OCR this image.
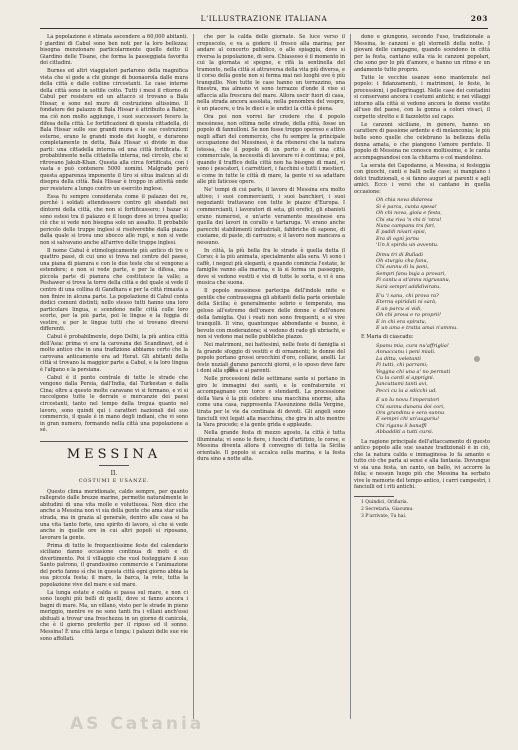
L'ILLUSTRAZIONE ITALIANA	203

La popolazione è stimata ascendere a 60,000 abitanti. I giardini di Cabul sono ben noti per la loro bellezza; bisogna menzionare particolarmente quello detto il Giardino delle Tisane, che forma la passeggiata favorita dei cittadini.

Burnes ed altri viaggiatori parlarono della magnifica vista che si gode a chi giunge di buonaorola dalle mura della città e dalle colline circostanti. Le case interne della città sono in sottile cotto. Tutti i mesi il ritorno di Cabul per resistere ed un attacco si trovano a Bala Hissar, e sono nel muro di costruzione altissimo. Il fondatore dei palazzo di Bala Hissar è attribuito a Baber, ma ciò non molto aggiunge, i suoi successori fecero la difesa della città. Le fortificazioni di questa cittadella, di Bala Hissar sulle sue grandi mura e le sue costruzioni esterne, erano le grandi mode dei luoghi, e durarono completamente in detta, Bala Hissar si divide in due parti: una cittadella interna ed una città fortificata. È probabilmente nella cittadella interna, nel circolo, che si ritrovano Jakub-Khan. Questa alla circa fortificata, con i vasta e può contenere 5000 uomini. Malgrado però questa apparenza imponente il tiro si situa inalcun al di disopra della città. Bala Hissar è troppo in attività onde per resistere a lungo contro un esercito inglese.

Essa fu sempre considerata come il palazzo dei re, perché i soldati attendessero contro gli sbandati nei dintorni della città, che non si fortificassero; i bazar si sono estesi tra il palazzo e il luogo dove si trova quello; ciò che si vede non bisogna solo un assalto. Il probabile pericolo delle truppe inglesi si risolverebbe dalla piazza dalla quale si trova uno sbocco alle rupi, e non si vede non si salvavano anche all'arrivo delle truppe inglesi.

Il nome Cabul è etimologicamente più antico di tre o quattro passi, di cui uno si trova nel centro del paese, una piana di pianura e con le due teste che si vengono a estendere; e non si vede parte, e per la difesa, una piccola parte di pianura che costituisce la valle; a Peshawer si trova la torre della città e del quale si vede il centro di una collina di Gandhara e per la città rimasta a non finire in alcuna parte. La popolazione di Cabul conta dodici comuni distinti; nello stesso tutti hanno una loro particolare lingua, e scendono nelle città colle loro scorte, per la più parte, poi le lingue e la foggia di vestire, e per le lingue tutti che si trovano diversi differenti.

Cabul è probabilmente, dopo Delhi, la più antica città dell'Asia: prima vi era la carovana dei Scandinavi, ed è molto antico che in una tradizione abbiamo certo che la carovana anticamente era ad Herat. Gli abitanti della città si trovano la maggior parte a Cabul, e la loro lingua è l'afgano e la persiana.

Cabul è il punto centrale di tutte le strade che vengono dalla Persia, dall'India, dal Turkestan e dalla Cina; oltre a questo molte caravane vi si fermano, e vi si raccolgono tutte le derrate e mercanzie dei paesi circostanti, tanto nel tempo della tregua quanto nel lavoro, sono quindi qui i caratteri nazionali del suo commercio, il quale è in mano degli indiani, che vi sono in gran numero, formando nella città una popolazione a sé.

MESSINA
II.
COSTUMI E USANZE.

Questo clima meridionale, caldo sempre, per quanto rallegrato dalle brezze marine, permette naturalmente le abitudini di una vita molle e voluttuosa. Non dico che anche a Messina non vi sia della gente che ama star sulla strada, ma in grazia al generale, dentro alle casa si ha una vita tanto forte, uno spirito di lavoro, sì che si vede anche in quelle ore in cui altri popoli si riposano, lavorare la gente.

Prima di tutto le frequentissime feste del calendario siciliano danno occasione continua di moti e di divertimento. Poi il villaggio che vuol festeggiare il suo Santo patrono, il grandissimo commercio e l'animazione del porto fanno sì che in questa città ogni giorno abbia la sua piccola festa; il mare, la barca, la rete, tutta la popolazione vive del mare e sul mare.

La lunga estate e calda si passa sul mare, e non ci sono luoghi più belli di quelli, dove si fanno ancora i bagni di mare. Ma, un villano, visto per le strade in pieno meriggio, mentre ve ne sono tanti fra i villani anch'essi abituati a trovar una freschezza in un giorno di canicola, che è il giorno preferito per il riposo ed il sonno. Messina! È una città larga e lunga; i palazzi delle sue vie sono affollati.

che per la calda delle giornate. Se luce verso il crepuscolo, e va a godere il fresco alla marina; per andare al concerto pubblico, o alle spiaggia, dove si riversa la popolazione, di sera. Chiassoso è il momento in cui la giornata si spegne, e rifà la sentinella del tramonto, nella città si attraversa della vita più diversa, e il corso della gente non si ferma mai nei luoghi ove è più tranquillo. Non tutte le case hanno un terrazzino, una finestra, ma almeno vi sono terrazze d'onde il viso si affaccia alla frescura del mare. Allora uscir fuori di casa, nella strada ancora assolata, nella penombra del vespro, è un piacere, e tra le dieci e le undici la città è piena.

Ora poi non vorrei far credere che il popolo messinese, non ottima nelle strade, della città, fosse un popolo di fannulloni. Se non fosse troppo operoso e attivo negli affari del commercio, che fu sempre la principale occupazione dei Messinesi, è da ritenersi che la natura istessa, che il popolo di un porto e di una città commerciale, la necessità di lavorare vi è continua; e poi, quando il traffico della città non ha bisogno di mani, vi sono i pescatori, i carrettieri, i facchini e tutti i mestieri, e come in tutte le città di mare, la gente vi sa adattare alle più faticose opere.

Ne' tempi di cui parlo, il lavoro di Messina era molto attivo; i suoi commercianti, i suoi banchieri, i suoi negozianti trattavano con tutte le piazze d'Europa. I commercianti, i lavoratori di seta, gli orefici, gli ebanisti erano numerosi, e un'arte veramente messinese era quella dei lavori in corallo e tartaruga. Vi erano anche parecchi stabilimenti industriali, fabbriche di sapone, di cuoiame, di paste, di carrozze; e il lavoro non mancava a nessuno.

In città, la più bella fra le strade è quella detta il Corso; è la più animata, specialmente alla sera. Vi sono i caffè, i negozi più eleganti, e quando comincia l'estate, le famiglie vanno alla marina, e là si forma un passeggio, dove si vedono vestiti e visi di tutte le sorta, e vi è una musica che suona.

Il popolo messinese partecipa dell'indole mite e gentile che contrassegna gli abitanti della parte orientale della Sicilia; è generalmente sobrio e temperato, ma geloso all'estremo dell'onore delle donne e dell'onore della famiglia. Qui i reati non sono frequenti, e si vive tranquilli. Il vino, quantunque abbondante e buono, è bevuto con moderazione; si vedono di rado gli ubriachi, e non si vedono mai nelle pubbliche piazze.

Nei matrimoni, nei battesimi, nelle feste di famiglia si fa grande sfoggio di vestiti e di ornamenti; le donne del popolo portano grossi orecchini d'oro, collane, anelli. Le feste nuziali durano parecchi giorni, e lo sposo deve fare i doni alla sposa e ai parenti.

Nelle processioni delle settimane sante si portano in giro le immagini dei santi, e le confraternite vi accompagnano con torce e stendardi. La processione della Vara è la più celebre: una macchina enorme, alta come una casa, rappresenta l'Assunzione della Vergine, tirata per le vie da centinaia di devoti. Gli angeli sono fanciulli vivi legati alla macchina, che gira in alto mentre la Vara procede; e la gente grida e applaude.

Nella grande festa di mezzo agosto, la città è tutta illuminata; vi sono le fiere, i fuochi d'artifizio, le corse, e Messina diventa allora il convegno di tutta la Sicilia orientale. Il popolo si accalca sulla marina, e la festa dura sino a notte alta.

dono e giungono, secondo l'uso, tradizionale a Messina, le canzoni e gli stornelli della notte. I giovani delle campagne, quando scendono in città per la festa, cantano sulla via le canzoni popolari, che sono per lo più d'amore, e hanno un ritmo e un andamento tutto proprio.

Tutte le vecchie usanze sono mantenute nel popolo: i fidanzamenti, i matrimoni, le feste, le processioni, i pellegrinaggi. Nelle case dei contadini si conservano ancora i costumi antichi; e nei villaggi intorno alla città si vedono ancora le donne vestite all'uso del paese, con la gonna a colori vivaci, il corpetto stretto e il fazzoletto sul capo.

Le canzoni siciliane, in genere, hanno un carattere di passione ardente e di melanconia; le più belle sono quelle che celebrano la bellezza della donna amata, o che piangono l'amore perduto. Il popolo di Messina ne conosce moltissime, e le canta accompagnandosi con la chitarra o col mandolino.

La serata dei Capodanno, a Messina, si festeggia con giuochi, canti e balli nelle case; si mangiano i dolci tradizionali, e si fanno auguri ai parenti e agli amici. Ecco i versi che si cantano in quella occasione:

Oh chia nova didaresa
Si è parca, cunta spesa!
Oh chi nova, gioia e festa,
Chi sta riva 'n chi ti 'ntra!
Nuna campanu tra fari,
E paddi nivari spisi,
Era di ogni jornu
'Un li spirdu un avventu.
Dimu tri di Bulladi
Oh sturgiu cha fanu,
Chi sunnu di lu pani,
Sempri fanu buja a provari,
Pi cantu a st'annu nigrusanu,
Sarà sempri addidiviratu.
E'u 'i sanu, chi prova ra?
Eternu spiridati ni sarà,
E un parcu si vidi,
Oh chi prova e ra proprii!
E in chi era spiratu,
E un ama e tratta amai n'ammu.

E Maria di ciascadu:

Spanu mia, cura nu'affriglia!
Annaccanu i peni miali.
La ditta, veletanti
Pi tutti, chi parrami;
Veggna chi una a' no permati
Cu lu cardi si apprigni.
Juncuttami tanti avi,
Pecci cu iu a sdicchi ud.
E un lu novu l'imperatori
Chi sunnu dunanu doi cori,
Ora grandinu e sera sunnu
E sempri chi un'auguriu!
Chi riganu li banaffi
Abbadditi a tutti cursi.

La ragione principale dell'attaccamento di questo antico popolo alle sue usanze tradizionali è in ciò, che la natura calda e immaginosa lo fa amante e tutto ciò che parla ai sensi e alla fantasia. Dovunque vi sia una festa, un canto, un ballo, ivi accorre la folla; e nessun luogo più che Messina ha serbato vive le memorie del tempo antico, i carri campestri, i fanciulli ed i riti antichi.

1 Quindici, Orifiaria.

2 Secretaria, Giacumu.

3 P'arrivate, Tu hai.

AS Catania
